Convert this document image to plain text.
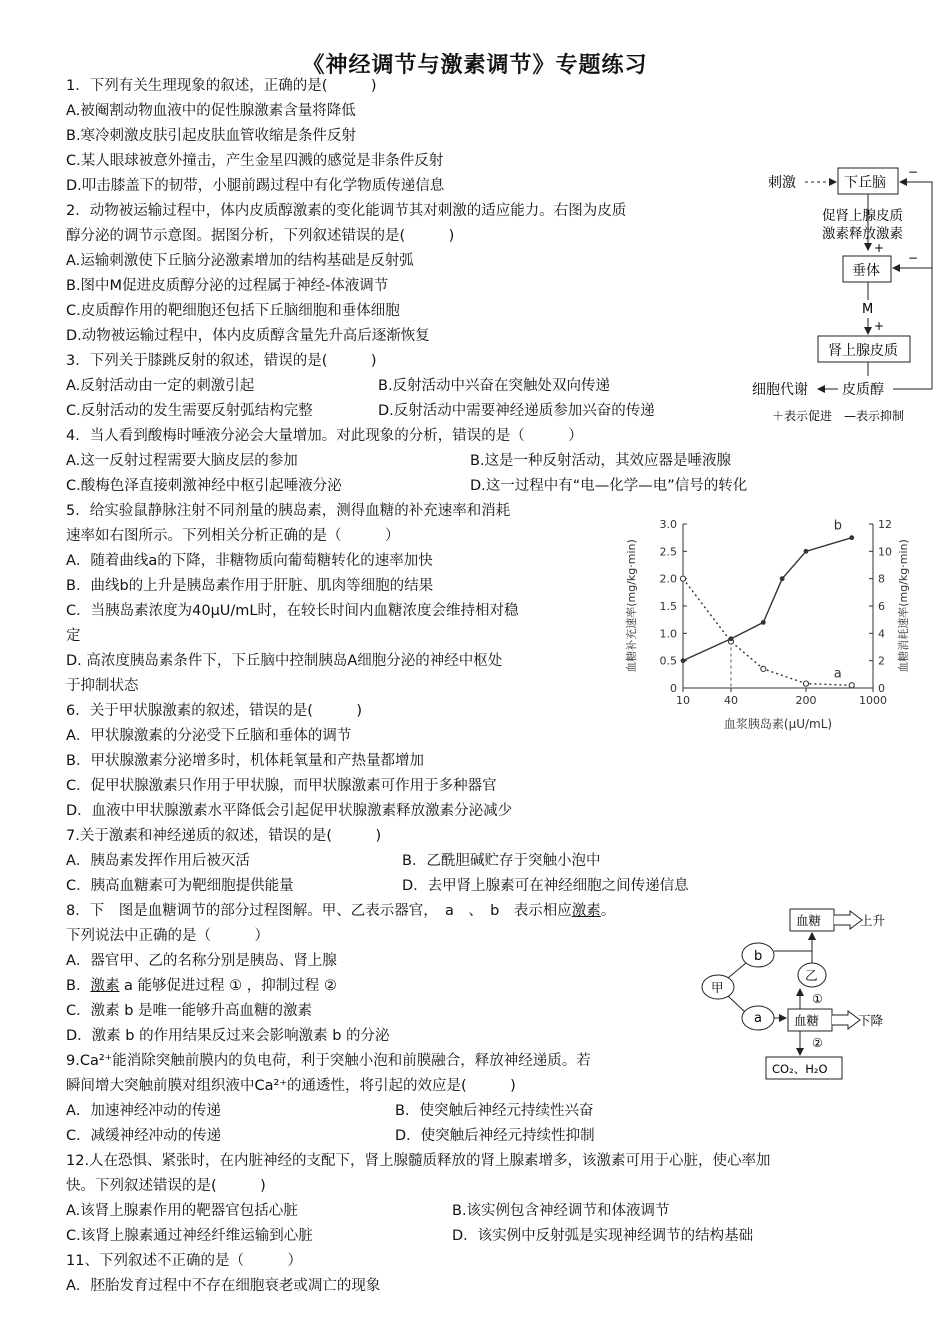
《神经调节与激素调节》专题练习
1．下列有关生理现象的叙述，正确的是(　　　)
A.被阉割动物血液中的促性腺激素含量将降低
B.寒冷刺激皮肤引起皮肤血管收缩是条件反射
C.某人眼球被意外撞击，产生金星四溅的感觉是非条件反射
D.叩击膝盖下的韧带，小腿前踢过程中有化学物质传递信息
2．动物被运输过程中，体内皮质醇激素的变化能调节其对刺激的适应能力。右图为皮质
醇分泌的调节示意图。据图分析，下列叙述错误的是(　　　)
A.运输刺激使下丘脑分泌激素增加的结构基础是反射弧
B.图中M促进皮质醇分泌的过程属于神经-体液调节
C.皮质醇作用的靶细胞还包括下丘脑细胞和垂体细胞
D.动物被运输过程中，体内皮质醇含量先升高后逐渐恢复
刺激	下丘脑
促肾上腺皮质
激素释放激素
+
垂体
M
+
肾上腺皮质
皮质醇
细胞代谢
−
−
＋表示促进　—表示抑制
3．下列关于膝跳反射的叙述，错误的是(　　　)
A.反射活动由一定的刺激引起	B.反射活动中兴奋在突触处双向传递
C.反射活动的发生需要反射弧结构完整	D.反射活动中需要神经递质参加兴奋的传递
4．当人看到酸梅时唾液分泌会大量增加。对此现象的分析，错误的是（　　　）
A.这一反射过程需要大脑皮层的参加	B.这是一种反射活动，其效应器是唾液腺
C.酸梅色泽直接刺激神经中枢引起唾液分泌	D.这一过程中有“电—化学—电”信号的转化
5．给实验鼠静脉注射不同剂量的胰岛素，测得血糖的补充速率和消耗
速率如右图所示。下列相关分析正确的是（　　　）
A．随着曲线a的下降，非糖物质向葡萄糖转化的速率加快
B．曲线b的上升是胰岛素作用于肝脏、肌肉等细胞的结果
C．当胰岛素浓度为40μU/mL时，在较长时间内血糖浓度会维持相对稳
定
D. 高浓度胰岛素条件下，下丘脑中控制胰岛A细胞分泌的神经中枢处
于抑制状态	0
0.5
1.0
1.5
2.0
2.5
3.0
0
2
4
6
8
10
12
10	40	200	1000
血浆胰岛素(μU/mL)
血糖补充速率(mg/kg·min)	血糖消耗速率(mg/kg·min)
a
b
6．关于甲状腺激素的叙述，错误的是(　　　)
A．甲状腺激素的分泌受下丘脑和垂体的调节
B．甲状腺激素分泌增多时，机体耗氧量和产热量都增加
C．促甲状腺激素只作用于甲状腺，而甲状腺激素可作用于多种器官
D．血液中甲状腺激素水平降低会引起促甲状腺激素释放激素分泌减少
7.关于激素和神经递质的叙述，错误的是(　　　)
A．胰岛素发挥作用后被灭活	B．乙酰胆碱贮存于突触小泡中
C．胰高血糖素可为靶细胞提供能量	D．去甲肾上腺素可在神经细胞之间传递信息
8．下　图是血糖调节的部分过程图解。甲、乙表示器官，　a　、　b　表示相应激素。
下列说法中正确的是（　　　）
A．器官甲、乙的名称分别是胰岛、肾上腺
B．激素 a 能够促进过程 ① ，抑制过程 ②
C．激素 b 是唯一能够升高血糖的激素
D．激素 b 的作用结果反过来会影响激素 b 的分泌
血糖	上升
b
甲
乙
a
①
血糖	下降
②
CO₂、H₂O
9.Ca²⁺能消除突触前膜内的负电荷，利于突触小泡和前膜融合，释放神经递质。若
瞬间增大突触前膜对组织液中Ca²⁺的通透性，将引起的效应是(　　　)
A．加速神经冲动的传递	B．使突触后神经元持续性兴奋
C．减缓神经冲动的传递	D．使突触后神经元持续性抑制
12.人在恐惧、紧张时，在内脏神经的支配下，肾上腺髓质释放的肾上腺素增多，该激素可用于心脏，使心率加
快。下列叙述错误的是(　　　)
A.该肾上腺素作用的靶器官包括心脏	B.该实例包含神经调节和体液调节
C.该肾上腺素通过神经纤维运输到心脏	D．该实例中反射弧是实现神经调节的结构基础
11、下列叙述不正确的是（　　　）
A．胚胎发育过程中不存在细胞衰老或凋亡的现象
